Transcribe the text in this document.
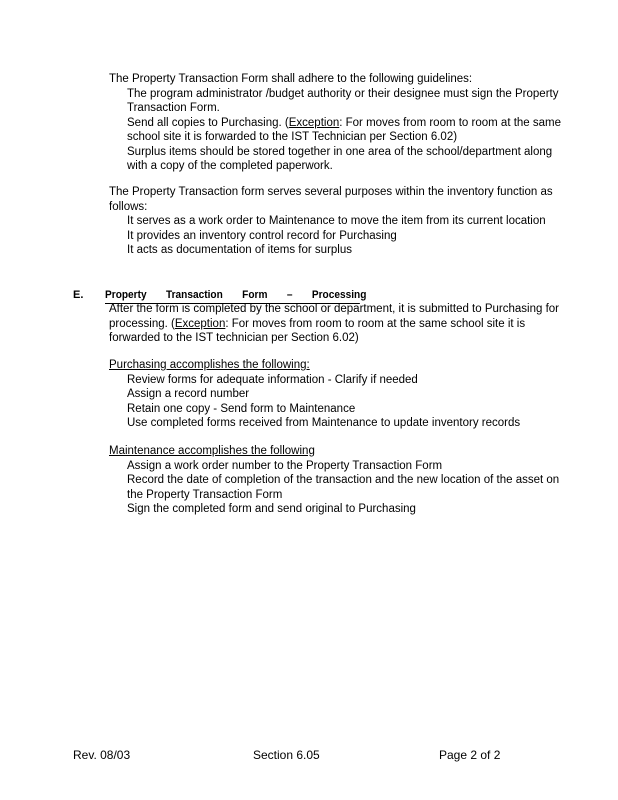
The Property Transaction Form shall adhere to the following guidelines:

The program administrator /budget authority or their designee must sign the Property Transaction Form.
Send all copies to Purchasing. (Exception: For moves from room to room at the same school site it is forwarded to the IST Technician per Section 6.02)
Surplus items should be stored together in one area of the school/department along with a copy of the completed paperwork.

The Property Transaction form serves several purposes within the inventory function as follows:

It serves as a work order to Maintenance to move the item from its current location
It provides an inventory control record for Purchasing
It acts as documentation of items for surplus
E. Property Transaction Form – Processing

After the form is completed by the school or department, it is submitted to Purchasing for processing. (Exception: For moves from room to room at the same school site it is forwarded to the IST technician per Section 6.02)

Purchasing accomplishes the following:

Review forms for adequate information - Clarify if needed
Assign a record number
Retain one copy - Send form to Maintenance
Use completed forms received from Maintenance to update inventory records

Maintenance accomplishes the following

Assign a work order number to the Property Transaction Form
Record the date of completion of the transaction and the new location of the asset on the Property Transaction Form
Sign the completed form and send original to Purchasing
Rev. 08/03	Section 6.05	Page 2 of 2
